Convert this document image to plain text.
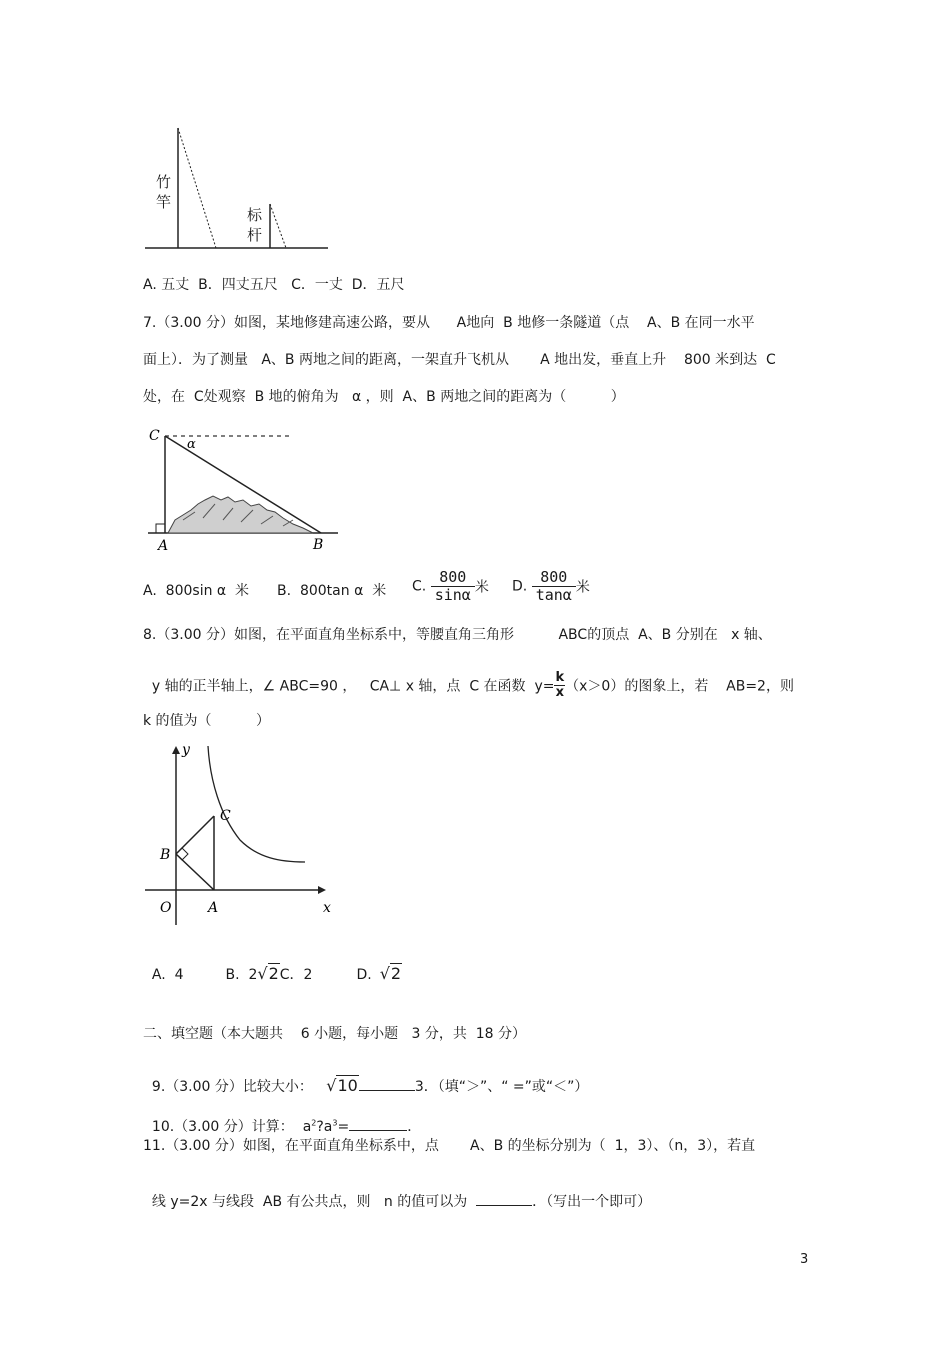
竹竿
标杆
A. 五丈  B．四丈五尺   C．一丈  D．五尺
7.（3.00 分）如图，某地修建高速公路，要从      A地向  B 地修一条隧道（点    A、B 在同一水平
面上）．为了测量   A、B 两地之间的距离，一架直升飞机从       A 地出发，垂直上升    800 米到达  C
处，在  C处观察  B 地的俯角为   α ，则  A、B 两地之间的距离为（          ）
C
α
A	B
A.  800sin α  米 B.  800tan α  米 C. $\frac{800}{\sin\alpha}$ 米 D. $\frac{800}{\tan\alpha}$ 米
8.（3.00 分）如图，在平面直角坐标系中，等腰直角三角形          ABC的顶点  A、B 分别在   x 轴、

y 轴的正半轴上，∠ ABC=90 ，   CA⊥ x 轴，点  C 在函数  $y= \frac{k}{x} (x>0)$的图象上，若    AB=2，则

k 的值为（          ）
y
x
O	A
B
C

A.  4	B.  2√2C．2	D. √2

二、填空题（本大题共    6 小题，每小题   3 分，共  18 分）

9.（3.00 分）比较大小：   √10	3．（填“＞”、“ =”或“＜”）

10.（3.00 分）计算：  $a^2?a^3=$	．

11.（3.00 分）如图，在平面直角坐标系中，点       A、B 的坐标分别为（  1，3）、（n，3），若直

线 y=2x 与线段  AB 有公共点，则   n 的值可以为	．（写出一个即可）

3
